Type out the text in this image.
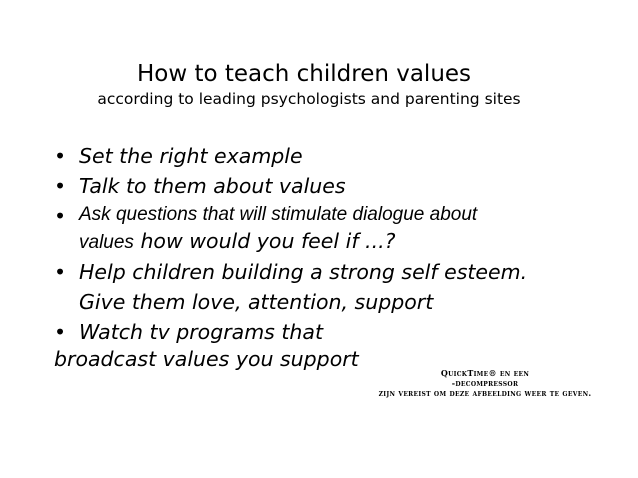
How to teach children values
according to leading psychologists and parenting sites
• Set the right example
• Talk to them about values
• Ask questions that will stimulate dialogue about
values how would you feel if ...?
• Help children building a strong self esteem.
Give them love, attention, support
• Watch tv programs that
broadcast values you support
QuickTime® en een
-decompressor
zijn vereist om deze afbeelding weer te geven.
